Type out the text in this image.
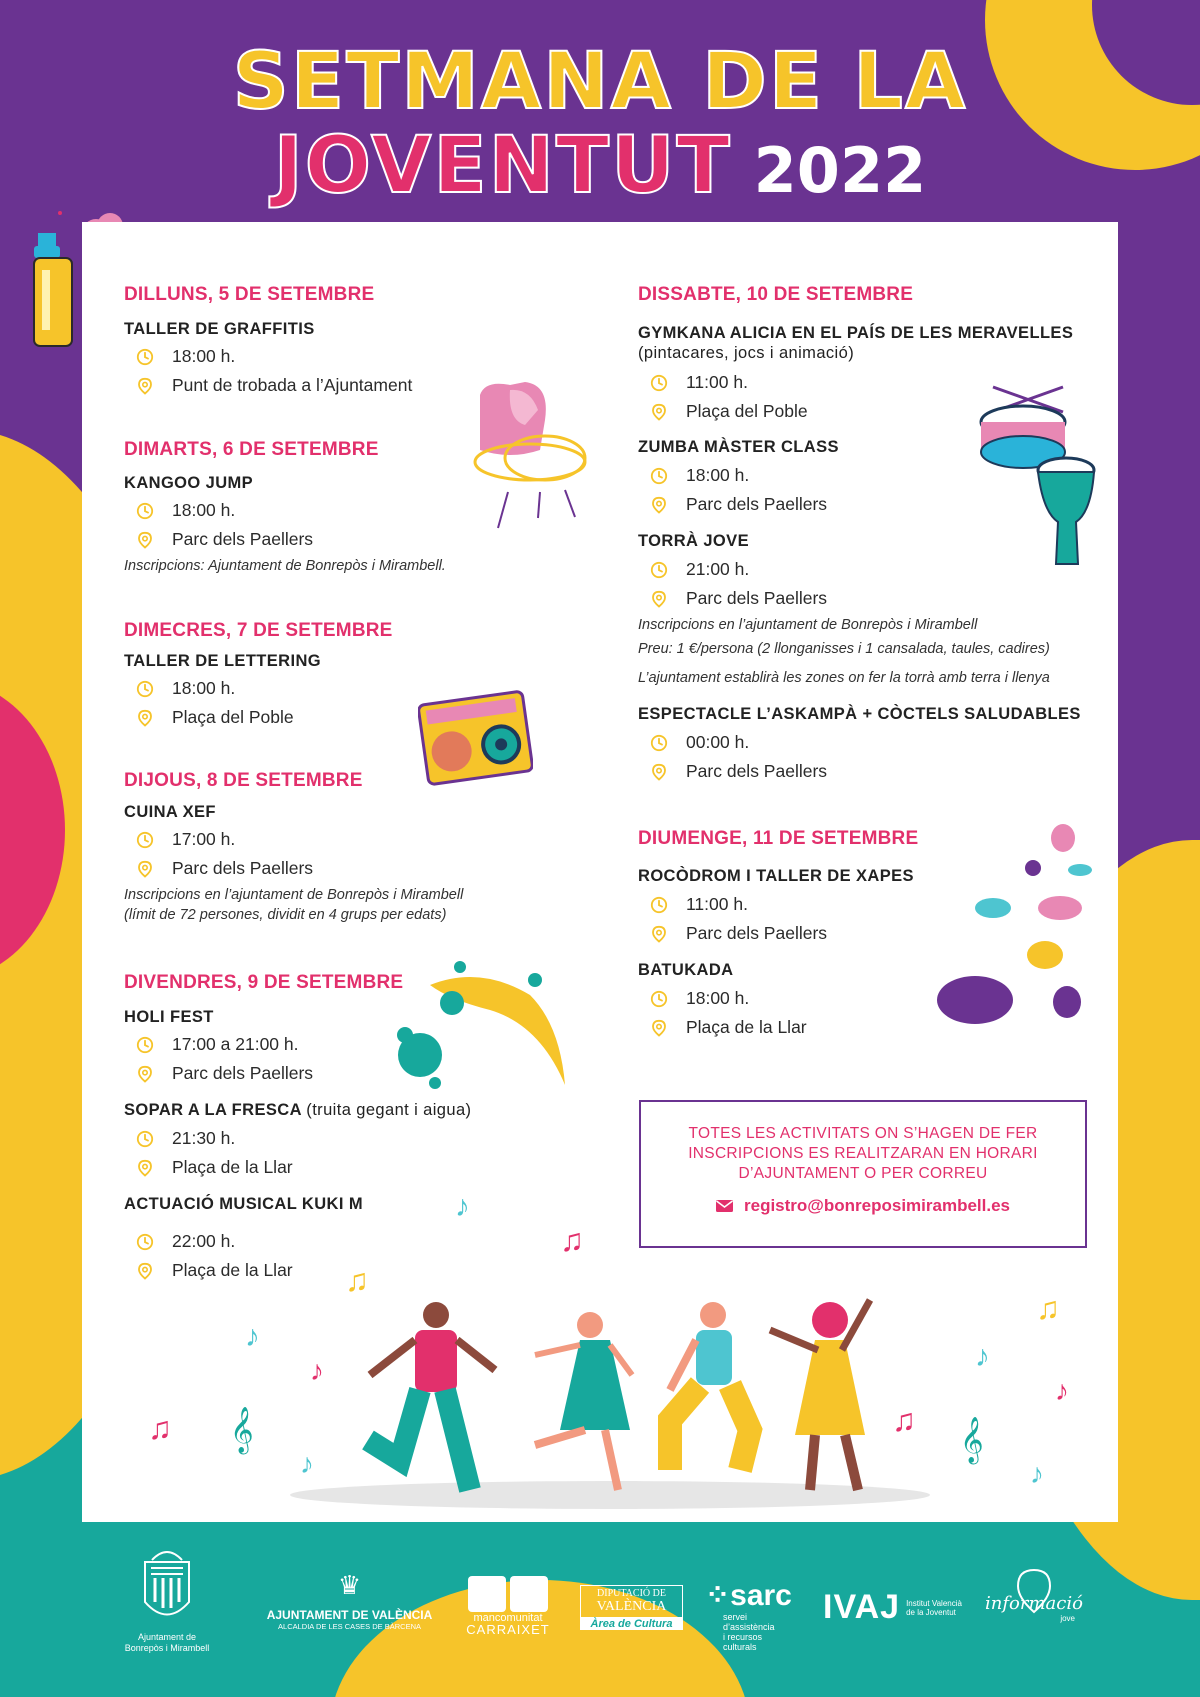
SETMANA DE LA
JOVENTUT 2022
DILLUNS, 5 DE SETEMBRE
TALLER DE GRAFFITIS
18:00 h.
Punt de trobada a l’Ajuntament
DIMARTS, 6 DE SETEMBRE
KANGOO JUMP
18:00 h.
Parc dels Paellers
Inscripcions: Ajuntament de Bonrepòs i Mirambell.
DIMECRES, 7 DE SETEMBRE
TALLER DE LETTERING
18:00 h.
Plaça del Poble
DIJOUS, 8 DE SETEMBRE
CUINA XEF
17:00 h.
Parc dels Paellers
Inscripcions en l’ajuntament de Bonrepòs i Mirambell
(límit de 72 persones, dividit en 4 grups per edats)
DIVENDRES, 9 DE SETEMBRE
HOLI FEST
17:00 a 21:00 h.
Parc dels Paellers
SOPAR A LA FRESCA (truita gegant i aigua)
21:30 h.
Plaça de la Llar
ACTUACIÓ MUSICAL KUKI M
22:00 h.
Plaça de la Llar
DISSABTE, 10 DE SETEMBRE
GYMKANA ALICIA EN EL PAÍS DE LES MERAVELLES
(pintacares, jocs i animació)
11:00 h.
Plaça del Poble
ZUMBA MÀSTER CLASS
18:00 h.
Parc dels Paellers
TORRÀ JOVE
21:00 h.
Parc dels Paellers
Inscripcions en l’ajuntament de Bonrepòs i Mirambell
Preu: 1 €/persona (2 llonganisses i 1 cansalada, taules, cadires)
L’ajuntament establirà les zones on fer la torrà amb terra i llenya
ESPECTACLE L’ASKAMPÀ + CÒCTELS SALUDABLES
00:00 h.
Parc dels Paellers
DIUMENGE, 11 DE SETEMBRE
ROCÒDROM I TALLER DE XAPES
11:00 h.
Parc dels Paellers
BATUKADA
18:00 h.
Plaça de la Llar
TOTES LES ACTIVITATS ON S’HAGEN DE FER
INSCRIPCIONS ES REALITZARAN EN HORARI
D’AJUNTAMENT O PER CORREU
registro@bonreposimirambell.es
♪
♫
♫
♪
♪
♫ 𝄞
♪
♫
♪
♪
♫ 𝄞
♪
Ajuntament de
Bonrepòs i Mirambell
♛
AJUNTAMENT DE VALÈNCIA
ALCALDIA DE LES CASES DE BÀRCENA
mancomunitat
CARRAIXET
DIPUTACIÓ DE
VALÈNCIA
Àrea de Cultura
⁘sarc
servei d’assistència
i recursos culturals
IVAJ Institut Valencià
de la Joventut	informació
jove
